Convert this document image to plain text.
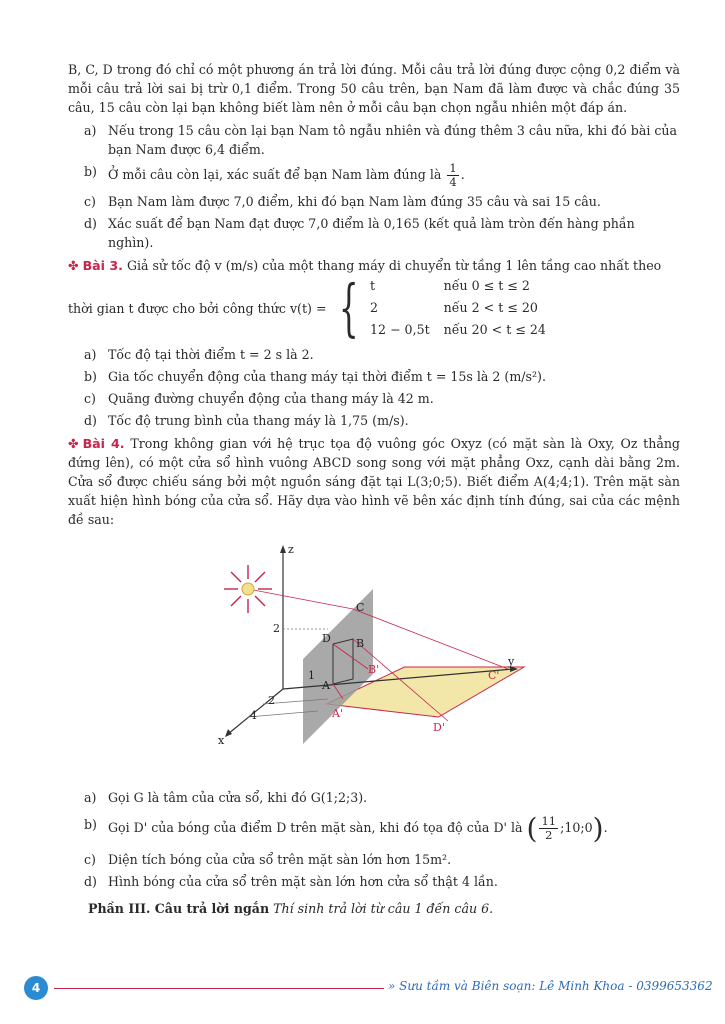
B, C, D trong đó chỉ có một phương án trả lời đúng. Mỗi câu trả lời đúng được cộng 0,2 điểm và mỗi câu trả lời sai bị trừ 0,1 điểm. Trong 50 câu trên, bạn Nam đã làm được và chắc đúng 35 câu, 15 câu còn lại bạn không biết làm nên ở mỗi câu bạn chọn ngẫu nhiên một đáp án.

a) Nếu trong 15 câu còn lại bạn Nam tô ngẫu nhiên và đúng thêm 3 câu nữa, khi đó bài của bạn Nam được 6,4 điểm.
b) Ở mỗi câu còn lại, xác suất để bạn Nam làm đúng là $\frac{1}{4}$ .
c) Bạn Nam làm được 7,0 điểm, khi đó bạn Nam làm đúng 35 câu và sai 15 câu.
d) Xác suất để bạn Nam đạt được 7,0 điểm là 0,165 (kết quả làm tròn đến hàng phần nghìn).

✤ Bài 3. Giả sử tốc độ v (m/s) của một thang máy di chuyển từ tầng 1 lên tầng cao nhất theo

thời gian t được cho bởi công thức v(t) = { t	nếu 0 ≤ t ≤ 2
2	nếu 2 < t ≤ 20
12 − 0,5t	nếu 20 < t ≤ 24
a) Tốc độ tại thời điểm t = 2 s là 2.
b) Gia tốc chuyển động của thang máy tại thời điểm t = 15s là 2 (m/s²).
c) Quãng đường chuyển động của thang máy là 42 m.
d) Tốc độ trung bình của thang máy là 1,75 (m/s).

✤ Bài 4. Trong không gian với hệ trục tọa độ vuông góc Oxyz (có mặt sàn là Oxy, Oz thẳng đứng lên), có một cửa sổ hình vuông ABCD song song với mặt phẳng Oxz, cạnh dài bằng 2m. Cửa sổ được chiếu sáng bởi một nguồn sáng đặt tại L(3;0;5). Biết điểm A(4;4;1). Trên mặt sàn xuất hiện hình bóng của cửa sổ. Hãy dựa vào hình vẽ bên xác định tính đúng, sai của các mệnh đề sau:

z
y
x
2
2
4
1
A
B
C
D
A'
B'	C'
D'
a) Gọi G là tâm của cửa sổ, khi đó G(1;2;3).
b) Gọi D' của bóng của điểm D trên mặt sàn, khi đó tọa độ của D' là ( $\frac{11}{2}$ ;10;0).
c) Diện tích bóng của cửa sổ trên mặt sàn lớn hơn 15m².
d) Hình bóng của cửa sổ trên mặt sàn lớn hơn cửa sổ thật 4 lần.
Phần III. Câu trả lời ngắn Thí sinh trả lời từ câu 1 đến câu 6.
4	» Sưu tầm và Biên soạn: Lê Minh Khoa - 0399653362
